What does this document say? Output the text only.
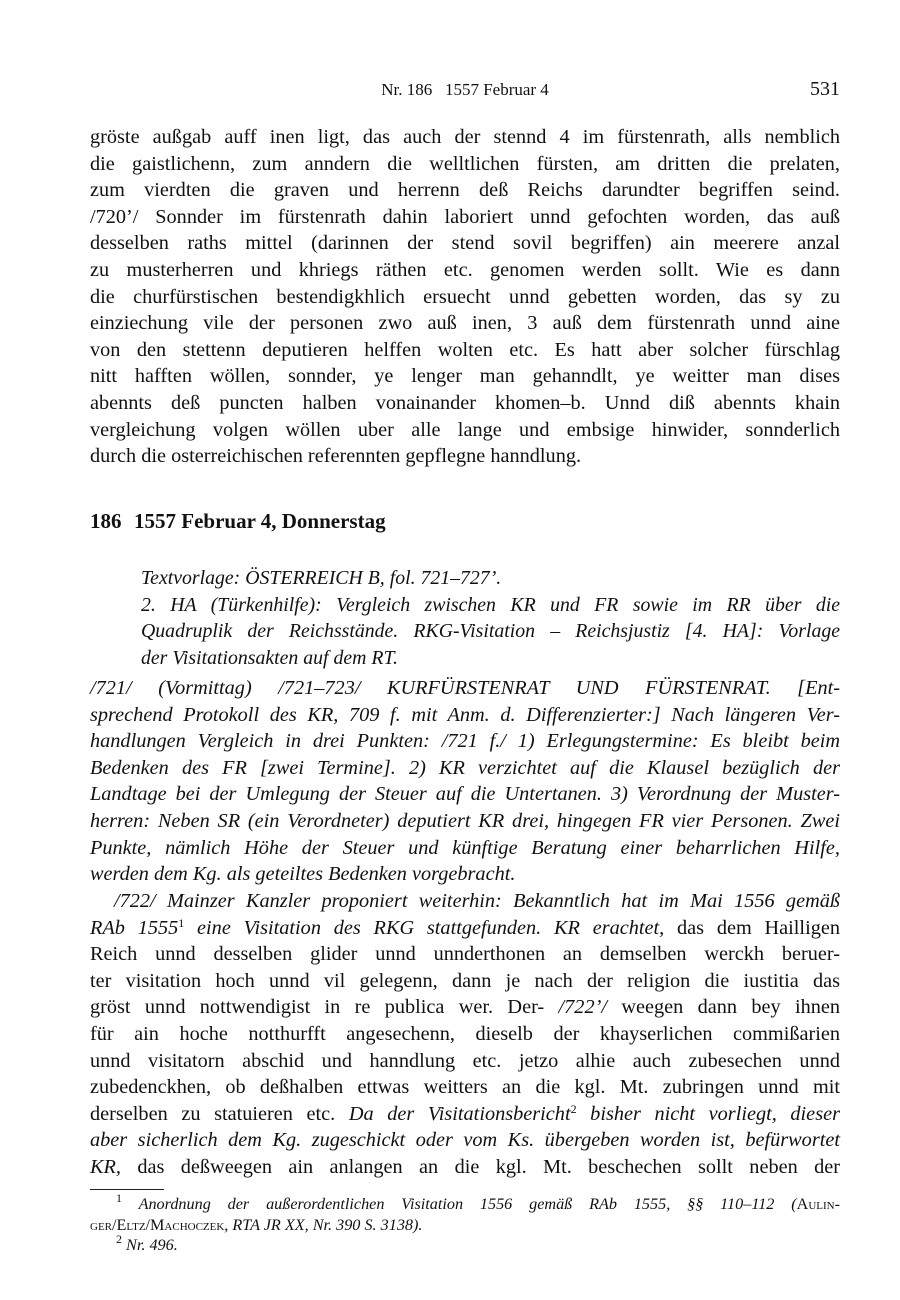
Nr. 186   1557 Februar 4	531
gröste außgab auff inen ligt, das auch der stennd 4 im fürstenrath, alls nemblich
die gaistlichenn, zum anndern die welltlichen fürsten, am dritten die prelaten,
zum vierdten die graven und herrenn deß Reichs darundter begriffen seind.
/720’/ Sonnder im fürstenrath dahin laboriert unnd gefochten worden, das auß
desselben raths mittel (darinnen der stend sovil begriffen) ain meerere anzal
zu musterherren und khriegs räthen etc. genomen werden sollt. Wie es dann
die churfürstischen bestendigkhlich ersuecht unnd gebetten worden, das sy zu
einziechung vile der personen zwo auß inen, 3 auß dem fürstenrath unnd aine
von den stettenn deputieren helffen wolten etc. Es hatt aber solcher fürschlag
nitt hafften wöllen, sonnder, ye lenger man gehanndlt, ye weitter man dises
abennts deß puncten halben vonainander khomen–b. Unnd diß abennts khain
vergleichung volgen wöllen uber alle lange und embsige hinwider, sonnderlich
durch die osterreichischen referennten gepflegne hanndlung.
186 1557 Februar 4, Donnerstag
Textvorlage: ÖSTERREICH B, fol. 721–727’.
2. HA (Türkenhilfe): Vergleich zwischen KR und FR sowie im RR über die
Quadruplik der Reichsstände. RKG-Visitation – Reichsjustiz [4. HA]: Vorlage
der Visitationsakten auf dem RT.
/721/ (Vormittag) /721–723/ KURFÜRSTENRAT UND FÜRSTENRAT. [Ent-
sprechend Protokoll des KR, 709 f. mit Anm. d. Differenzierter:] Nach längeren Ver-
handlungen Vergleich in drei Punkten: /721 f./ 1) Erlegungstermine: Es bleibt beim
Bedenken des FR [zwei Termine]. 2) KR verzichtet auf die Klausel bezüglich der
Landtage bei der Umlegung der Steuer auf die Untertanen. 3) Verordnung der Muster-
herren: Neben SR (ein Verordneter) deputiert KR drei, hingegen FR vier Personen. Zwei
Punkte, nämlich Höhe der Steuer und künftige Beratung einer beharrlichen Hilfe,
werden dem Kg. als geteiltes Bedenken vorgebracht.
/722/ Mainzer Kanzler proponiert weiterhin: Bekanntlich hat im Mai 1556 gemäß
RAb 1555$^1$ eine Visitation des RKG stattgefunden. KR erachtet, das dem Hailligen
Reich unnd desselben glider unnd unnderthonen an demselben werckh beruer-
ter visitation hoch unnd vil gelegenn, dann je nach der religion die iustitia das
gröst unnd nottwendigist in re publica wer. Der- /722’/ weegen dann bey ihnen
für ain hoche notthurfft angesechenn, dieselb der khayserlichen commißarien
unnd visitatorn abschid und hanndlung etc. jetzo alhie auch zubesechen unnd
zubedenckhen, ob deßhalben ettwas weitters an die kgl. Mt. zubringen unnd mit
derselben zu statuieren etc. Da der Visitationsbericht$^2$ bisher nicht vorliegt, dieser
aber sicherlich dem Kg. zugeschickt oder vom Ks. übergeben worden ist, befürwortet
KR, das deßweegen ain anlangen an die kgl. Mt. beschechen sollt neben der
$^1$ Anordnung der außerordentlichen Visitation 1556 gemäß RAb 1555, §§ 110–112 (Aulin-
ger/Eltz/Machoczek, RTA JR XX, Nr. 390 S. 3138).
$^2$ Nr. 496.
